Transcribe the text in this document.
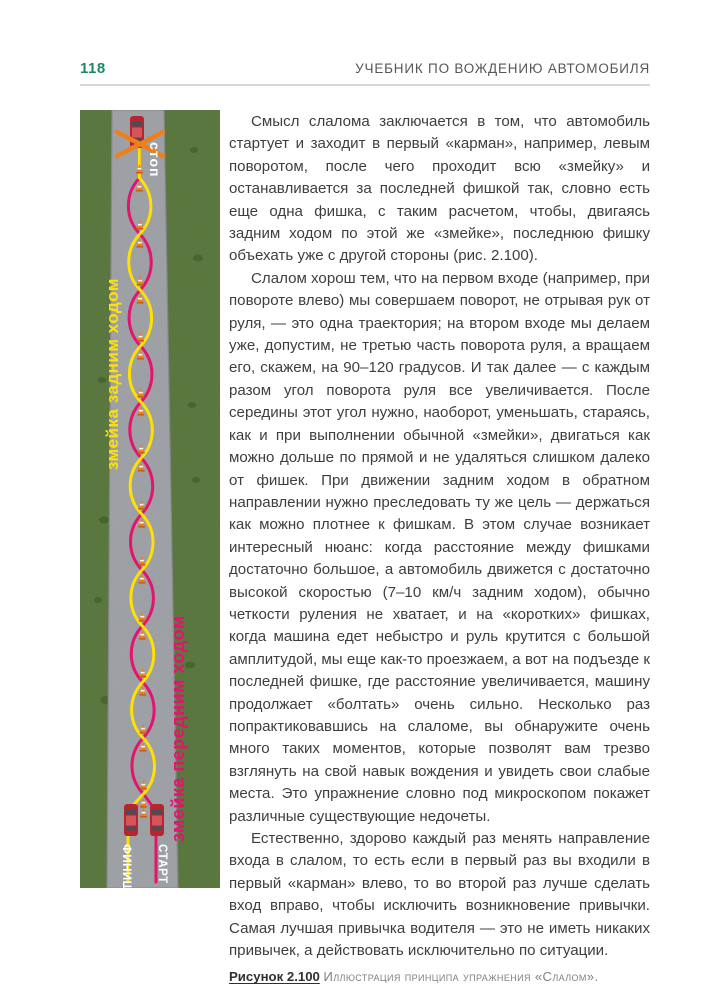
118	УЧЕБНИК ПО ВОЖДЕНИЮ АВТОМОБИЛЯ
стоп
ФИНИШ СТАРТ
змейка задним ходом
змейка передним ходом

Смысл слалома заключается в том, что автомобиль стартует и заходит в первый «карман», например, левым поворотом, после чего проходит всю «змейку» и останавливается за последней фишкой так, словно есть еще одна фишка, с таким расчетом, чтобы, двигаясь задним ходом по этой же «змейке», последнюю фишку объехать уже с другой стороны (рис. 2.100).

Слалом хорош тем, что на первом входе (например, при повороте влево) мы совершаем поворот, не отрывая рук от руля, — это одна траектория; на втором входе мы делаем уже, допустим, не третью часть поворота руля, а вращаем его, скажем, на 90–120 градусов. И так далее — с каждым разом угол поворота руля все увеличивается. После середины этот угол нужно, наоборот, уменьшать, стараясь, как и при выполнении обычной «змейки», двигаться как можно дольше по прямой и не удаляться слишком далеко от фишек. При движении задним ходом в обратном направлении нужно преследовать ту же цель — держаться как можно плотнее к фишкам. В этом случае возникает интересный нюанс: когда расстояние между фишками достаточно большое, а автомобиль движется с достаточно высокой скоростью (7–10 км/ч задним ходом), обычно четкости руления не хватает, и на «коротких» фишках, когда машина едет небыстро и руль крутится с большой амплитудой, мы еще как-то проезжаем, а вот на подъезде к последней фишке, где расстояние увеличивается, машину продолжает «болтать» очень сильно. Несколько раз попрактиковавшись на слаломе, вы обнаружите очень много таких моментов, которые позволят вам трезво взглянуть на свой навык вождения и увидеть свои слабые места. Это упражнение словно под микроскопом покажет различные существующие недочеты.

Естественно, здорово каждый раз менять направление входа в слалом, то есть если в первый раз вы входили в первый «карман» влево, то во второй раз лучше сделать вход вправо, чтобы исключить возникновение привычки. Самая лучшая привычка водителя — это не иметь никаких привычек, а действовать исключительно по ситуации.

Рисунок 2.100 Иллюстрация принципа упражнения «Слалом».
